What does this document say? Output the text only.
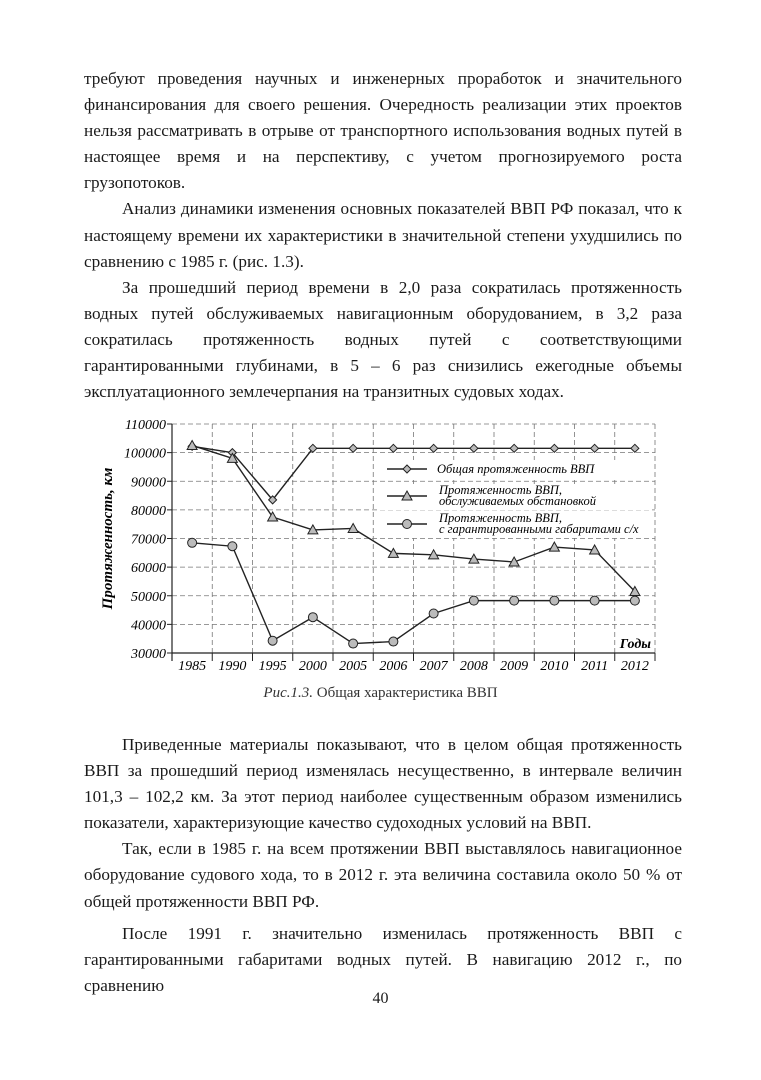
требуют проведения научных и инженерных проработок и значительного финансирования для своего решения. Очередность реализации этих проектов нельзя рассматривать в отрыве от транспортного использования водных путей в настоящее время и на перспективу, с учетом прогнозируемого роста грузопотоков.

Анализ динамики изменения основных показателей ВВП РФ показал, что к настоящему времени их характеристики в значительной степени ухудшились по сравнению с 1985 г. (рис. 1.3).

За прошедший период времени в 2,0 раза сократилась протяженность водных путей обслуживаемых навигационным оборудованием, в 3,2 раза сократилась протяженность водных путей с соответствующими гарантированными глубинами, в 5 – 6 раз снизились ежегодные объемы эксплуатационного землечерпания на транзитных судовых ходах.

30000
40000
50000
60000
70000
80000
90000
100000
110000
1985 1990 1995 2000 2005 2006 2007 2008 2009 2010 2011 2012
Годы
Протяженность, км	Общая протяженность ВВП
Протяженность ВВП, обслуживаемых обстановкой
Протяженность ВВП, с гарантированными габаритами с/х
Рис.1.3. Общая характеристика ВВП

Приведенные материалы показывают, что в целом общая протяженность ВВП за прошедший период изменялась несущественно, в интервале величин 101,3 – 102,2 км. За этот период наиболее существенным образом изменились показатели, характеризующие качество судоходных условий на ВВП.

Так, если в 1985 г. на всем протяжении ВВП выставлялось навигационное оборудование судового хода, то в 2012 г. эта величина составила около 50 % от общей протяженности ВВП РФ.

После 1991 г. значительно изменилась протяженность ВВП с гарантированными габаритами водных путей. В навигацию 2012 г., по сравнению

40
